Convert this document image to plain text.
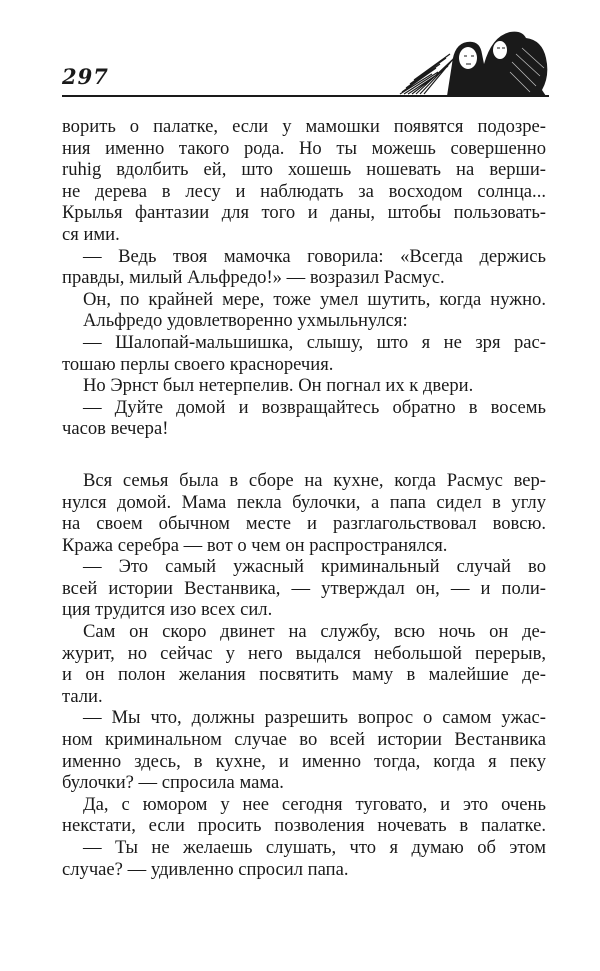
297
ворить о палатке, если у мамошки появятся подозре-
ния именно такого рода. Но ты можешь совершенно
ruhig вдолбить ей, што хошешь ношевать на верши-
не дерева в лесу и наблюдать за восходом солнца...
Крылья фантазии для того и даны, штобы пользовать-
ся ими.
— Ведь твоя мамочка говорила: «Всегда держись
правды, милый Альфредо!» — возразил Расмус.
Он, по крайней мере, тоже умел шутить, когда нужно.
Альфредо удовлетворенно ухмыльнулся:
— Шалопай-мальшишка, слышу, што я не зря рас-
тошаю перлы своего красноречия.
Но Эрнст был нетерпелив. Он погнал их к двери.
— Дуйте домой и возвращайтесь обратно в восемь
часов вечера!
Вся семья была в сборе на кухне, когда Расмус вер-
нулся домой. Мама пекла булочки, а папа сидел в углу
на своем обычном месте и разглагольствовал вовсю.
Кража серебра — вот о чем он распространялся.
— Это самый ужасный криминальный случай во
всей истории Вестанвика, — утверждал он, — и поли-
ция трудится изо всех сил.
Сам он скоро двинет на службу, всю ночь он де-
журит, но сейчас у него выдался небольшой перерыв,
и он полон желания посвятить маму в малейшие де-
тали.
— Мы что, должны разрешить вопрос о самом ужас-
ном криминальном случае во всей истории Вестанвика
именно здесь, в кухне, и именно тогда, когда я пеку
булочки? — спросила мама.
Да, с юмором у нее сегодня туговато, и это очень
некстати, если просить позволения ночевать в палатке.
— Ты не желаешь слушать, что я думаю об этом
случае? — удивленно спросил папа.
